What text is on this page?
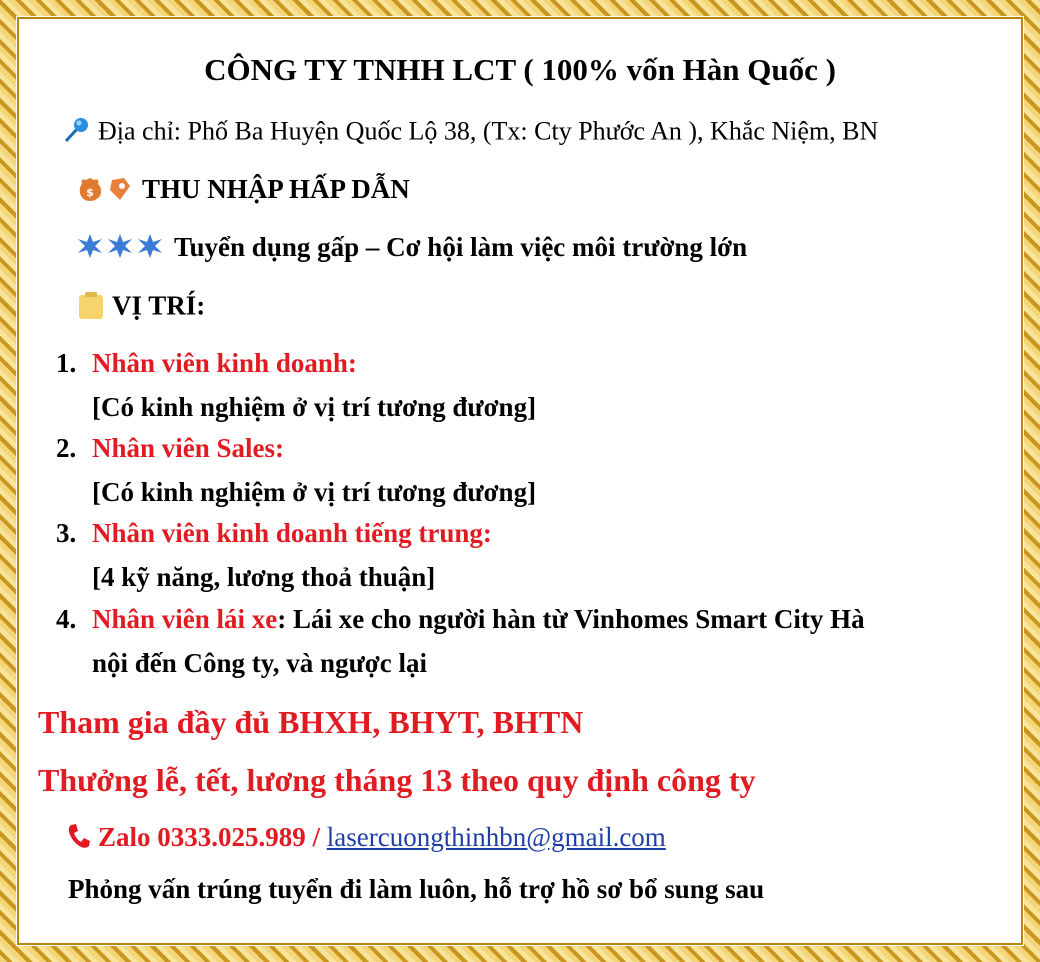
CÔNG TY TNHH LCT ( 100% vốn Hàn Quốc )
Địa chỉ: Phố Ba Huyện Quốc Lộ 38, (Tx: Cty Phước An ), Khắc Niệm, BN
$ THU NHẬP HẤP DẪN
Tuyển dụng gấp – Cơ hội làm việc môi trường lớn
VỊ TRÍ:
1. Nhân viên kinh doanh:
[Có kinh nghiệm ở vị trí tương đương]
2. Nhân viên Sales:
[Có kinh nghiệm ở vị trí tương đương]
3. Nhân viên kinh doanh tiếng trung:
[4 kỹ năng, lương thoả thuận]
4. Nhân viên lái xe: Lái xe cho người hàn từ Vinhomes Smart City Hà
nội đến Công ty, và ngược lại
Tham gia đầy đủ BHXH, BHYT, BHTN
Thưởng lễ, tết, lương tháng 13 theo quy định công ty
Zalo 0333.025.989 / lasercuongthinhbn@gmail.com
Phỏng vấn trúng tuyển đi làm luôn, hỗ trợ hồ sơ bổ sung sau
